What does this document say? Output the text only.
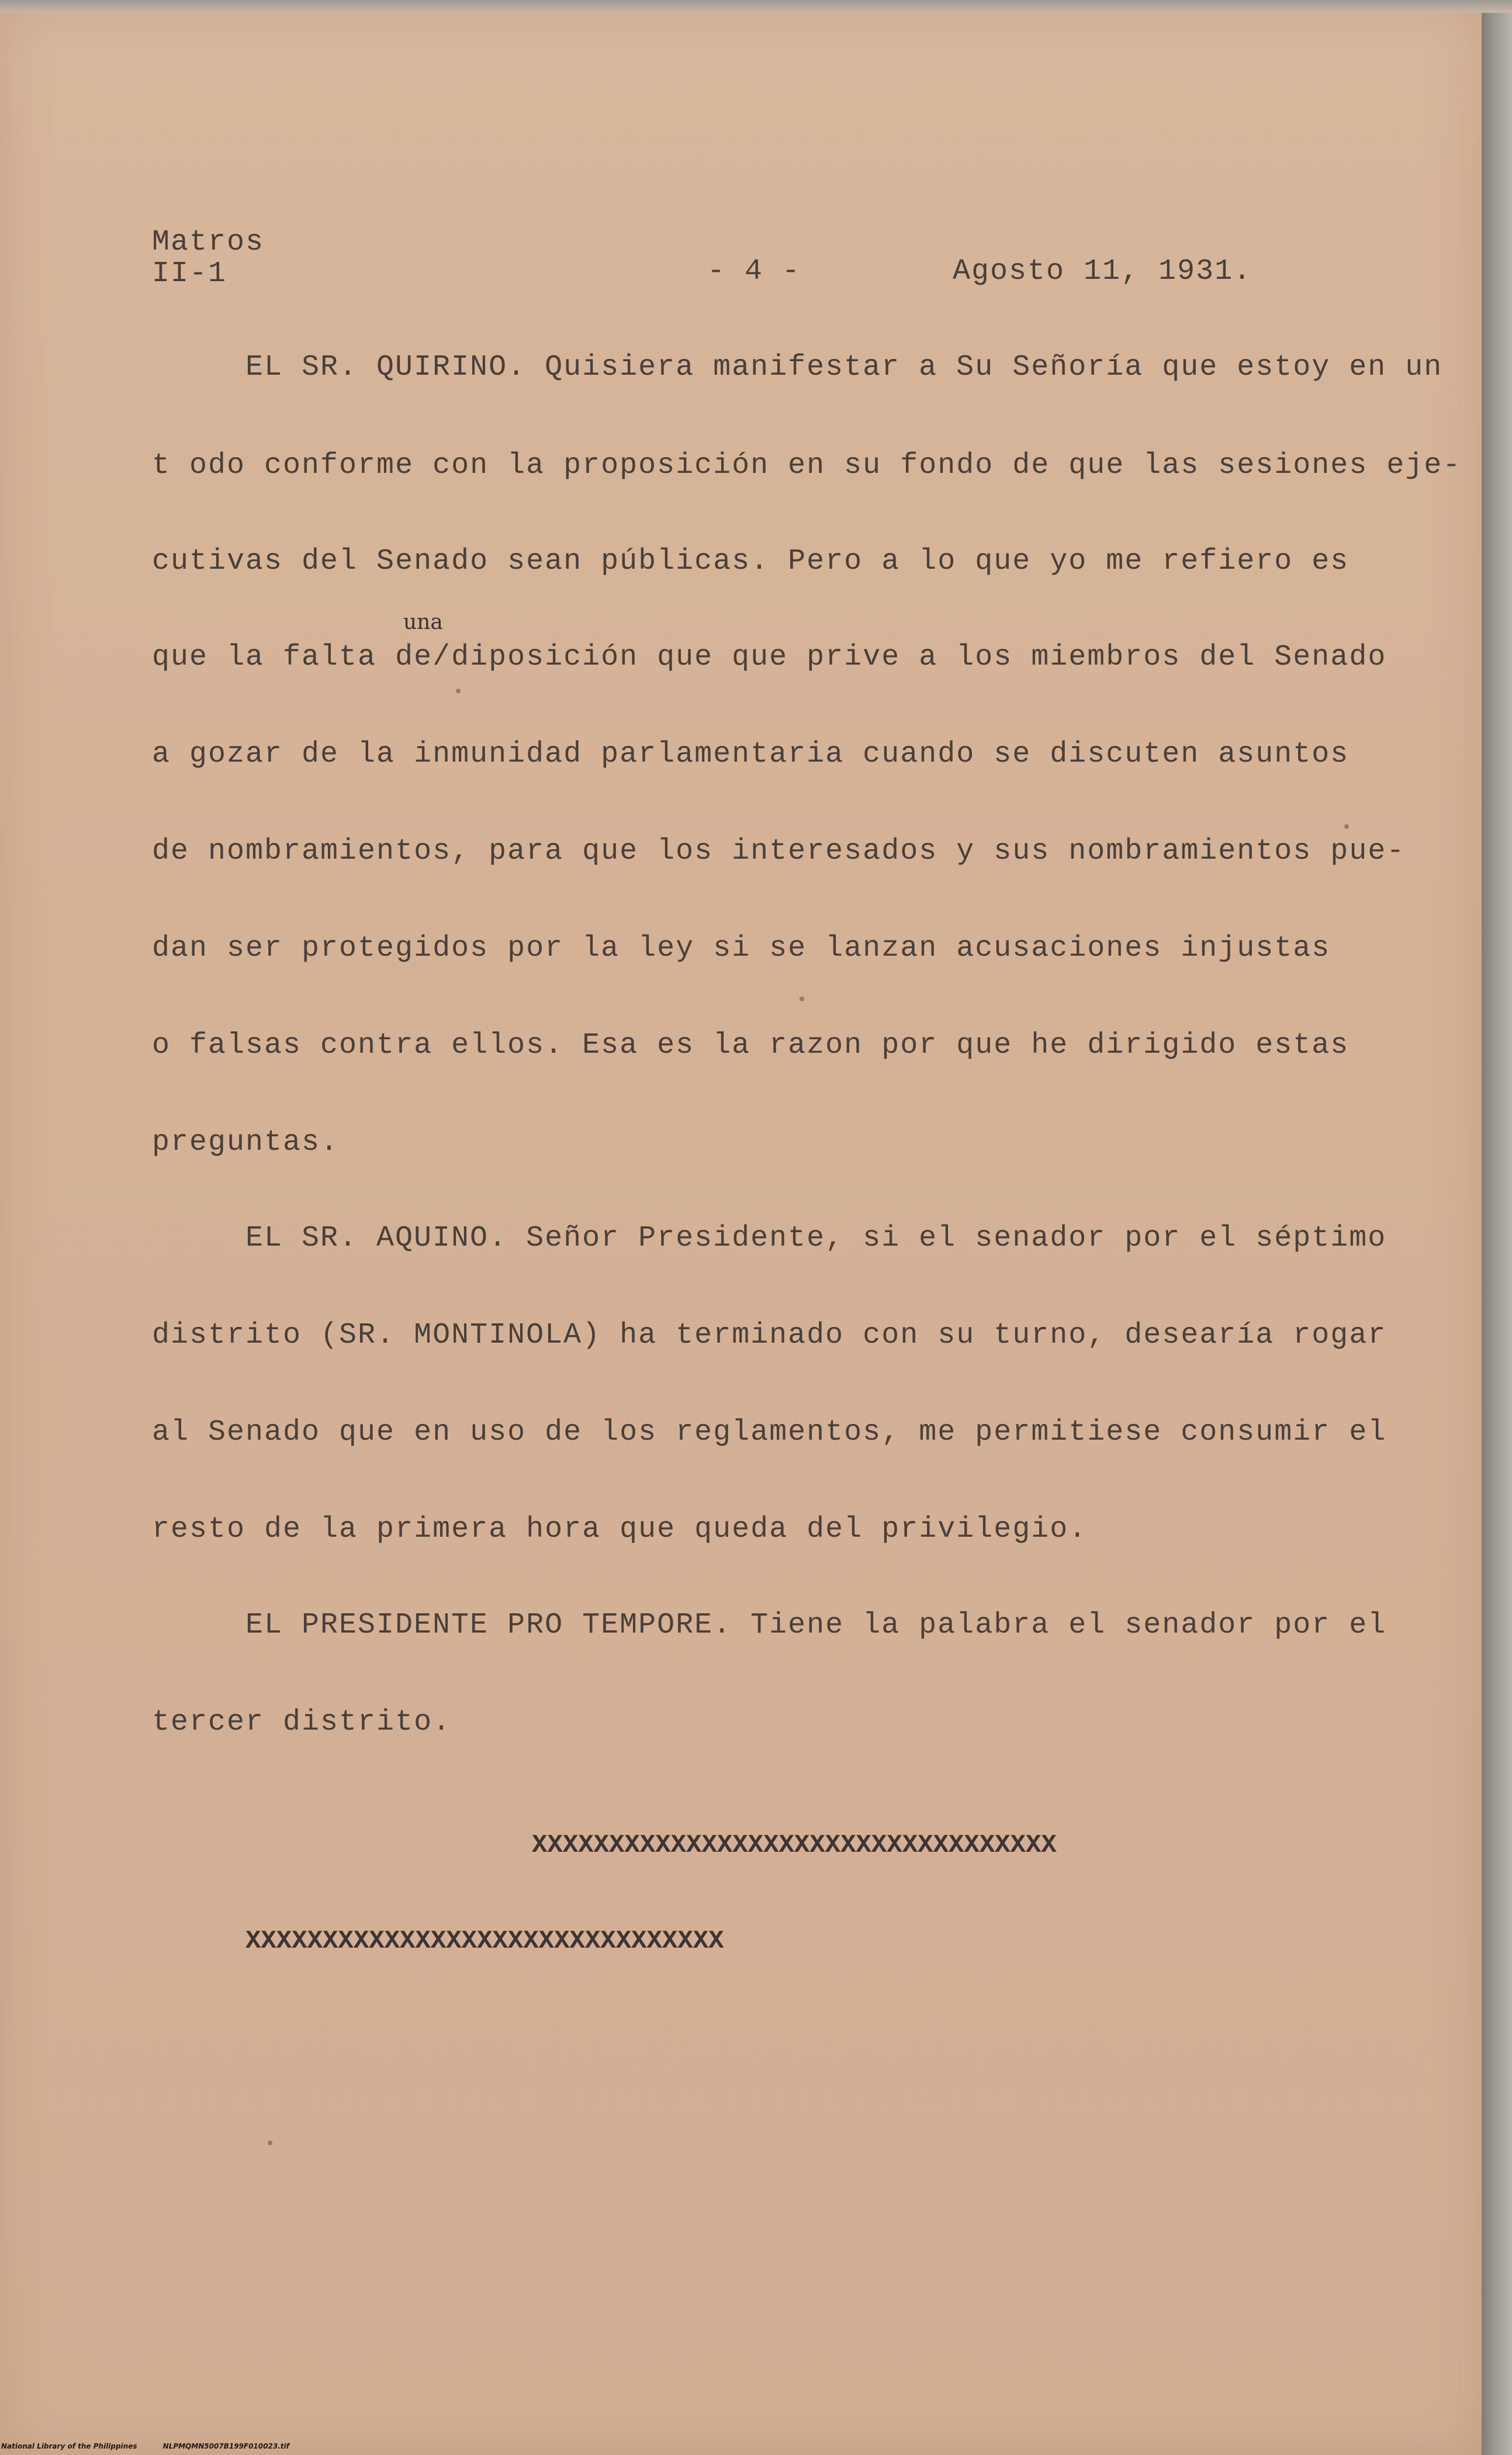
Matros
II-1	- 4 -	Agosto 11, 1931.
EL SR. QUIRINO. Quisiera manifestar a Su Señoría que estoy en un
t odo conforme con la proposición en su fondo de que las sesiones eje-
cutivas del Senado sean públicas. Pero a lo que yo me refiero es
una
que la falta de/diposición que que prive a los miembros del Senado
a gozar de la inmunidad parlamentaria cuando se discuten asuntos
de nombramientos, para que los interesados y sus nombramientos pue-
dan ser protegidos por la ley si se lanzan acusaciones injustas
o falsas contra ellos. Esa es la razon por que he dirigido estas
preguntas.
EL SR. AQUINO. Señor Presidente, si el senador por el séptimo
distrito (SR. MONTINOLA) ha terminado con su turno, desearía rogar
al Senado que en uso de los reglamentos, me permitiese consumir el
resto de la primera hora que queda del privilegio.
EL PRESIDENTE PRO TEMPORE. Tiene la palabra el senador por el
tercer distrito.
XXXXXXXXXXXXXXXXXXXXXXXXXXXXXXXXXX
XXXXXXXXXXXXXXXXXXXXXXXXXXXXXXX
National Library of the Philippines	NLPMQMN5007B199F010023.tif
